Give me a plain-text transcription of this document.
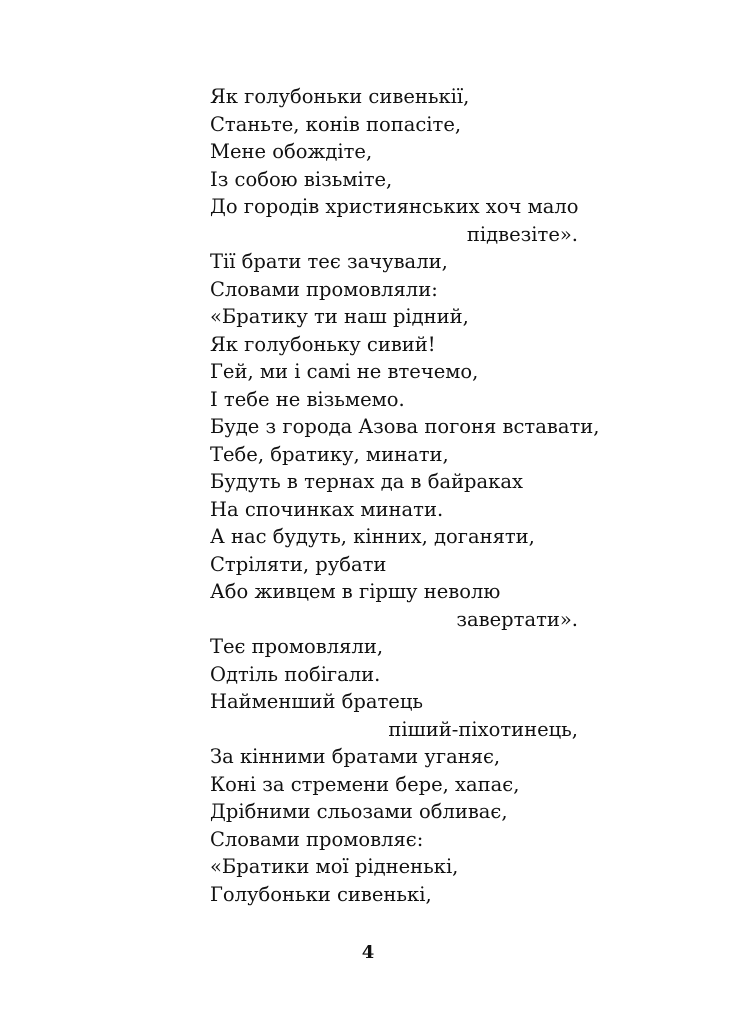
Як голубоньки сивенькії,
Станьте, конів попасіте,
Мене обождіте,
Із собою візьміте,
До городів християнських хоч мало
підвезіте».
Тії брати теє зачували,
Словами промовляли:
«Братику ти наш рідний,
Як голубоньку сивий!
Гей, ми і самі не втечемо,
І тебе не візьмемо.
Буде з города Азова погоня вставати,
Тебе, братику, минати,
Будуть в тернах да в байраках
На спочинках минати.
А нас будуть, кінних, доганяти,
Стріляти, рубати
Або живцем в гіршу неволю
завертати».
Теє промовляли,
Одтіль побігали.
Найменший братець
піший-піхотинець,
За кінними братами уганяє,
Коні за стремени бере, хапає,
Дрібними сльозами обливає,
Словами промовляє:
«Братики мої рідненькі,
Голубоньки сивенькі,
4
